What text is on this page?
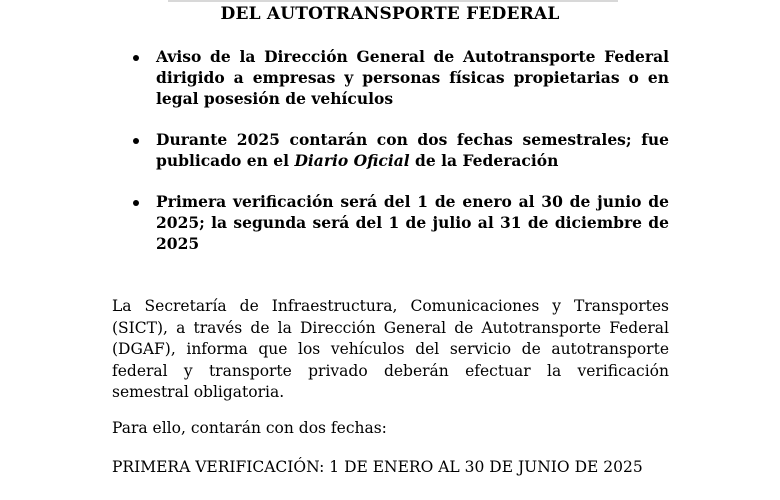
DEL AUTOTRANSPORTE FEDERAL
Aviso de la Dirección General de Autotransporte Federal dirigido a empresas y personas físicas propietarias o en legal posesión de vehículos
Durante 2025 contarán con dos fechas semestrales; fue publicado en el Diario Oficial de la Federación
Primera verificación será del 1 de enero al 30 de junio de 2025; la segunda será del 1 de julio al 31 de diciembre de 2025

La Secretaría de Infraestructura, Comunicaciones y Transportes (SICT), a través de la Dirección General de Autotransporte Federal (DGAF), informa que los vehículos del servicio de autotransporte federal y transporte privado deberán efectuar la verificación semestral obligatoria.

Para ello, contarán con dos fechas:

PRIMERA VERIFICACIÓN: 1 DE ENERO AL 30 DE JUNIO DE 2025
